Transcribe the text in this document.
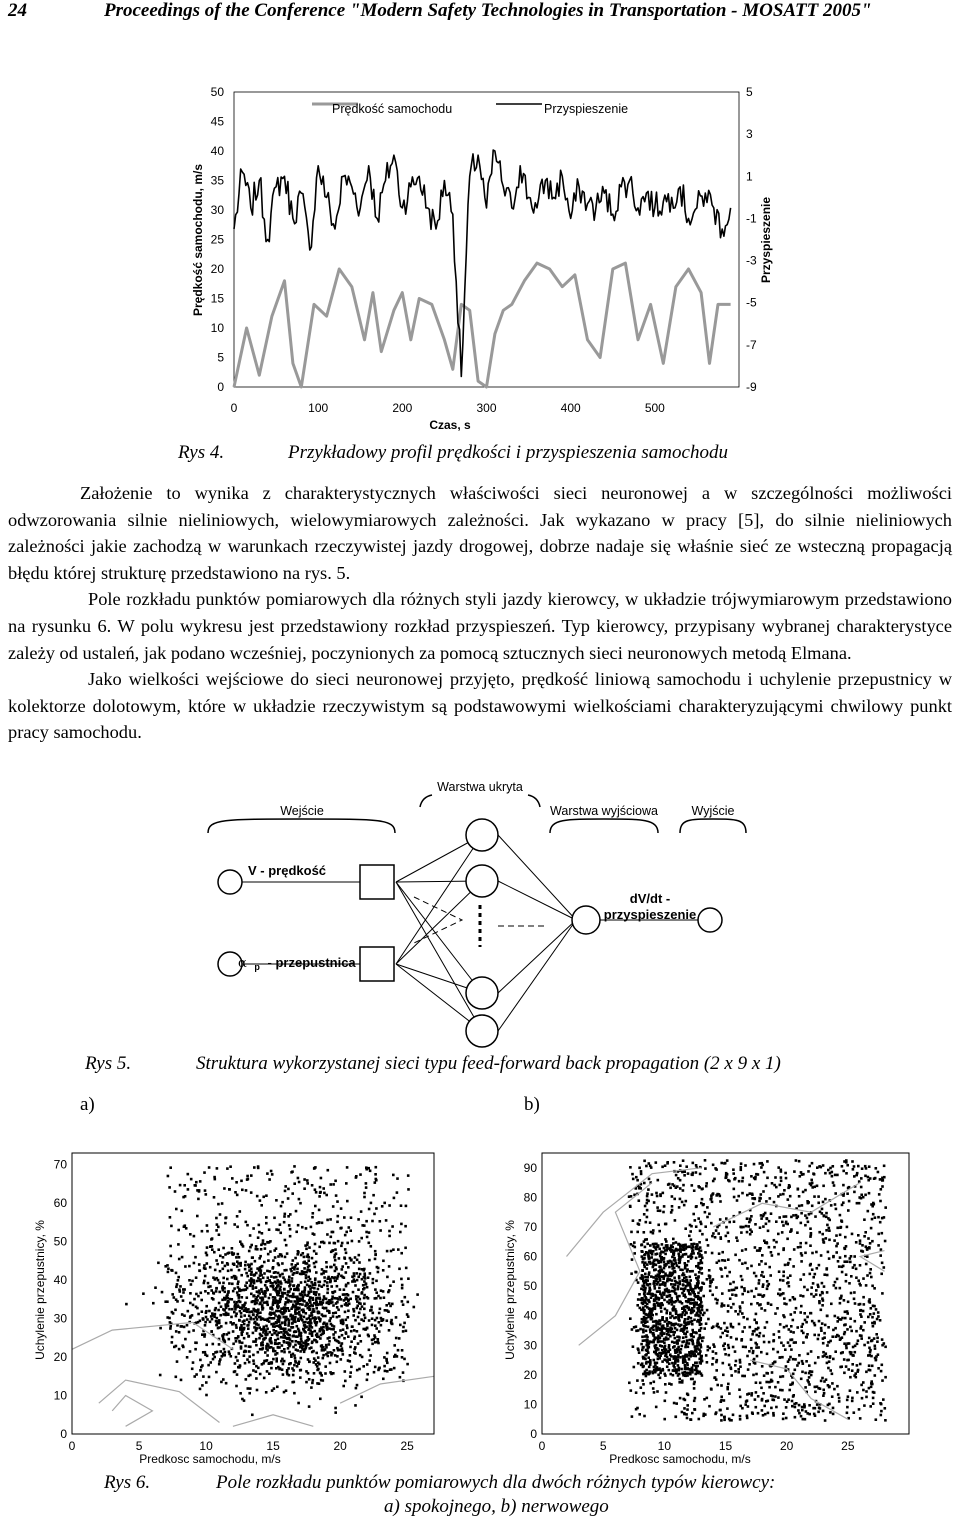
24	Proceedings of the Conference "Modern Safety Technologies in Transportation - MOSATT 2005"
0
5
10
15
20
25
30
35
40
45
50	5
3
1
-1
-3
-5
-7
-9
0	100	200	300	400	500
Prędkość samochodu, m/s	Przyspieszenie
Czas, s
Prędkość samochodu	Przyspieszenie
Rys 4.	Przykładowy profil prędkości i przyspieszenia samochodu

Założenie to wynika z charakterystycznych właściwości sieci neuronowej a w szczególności możliwości odwzorowania silnie nieliniowych, wielowymiarowych zależności. Jak wykazano w pracy [5], do silnie nieliniowych zależności jakie zachodzą w warunkach rzeczywistej jazdy drogowej, dobrze nadaje się właśnie sieć ze wsteczną propagacją błędu której strukturę przedstawiono na rys. 5.

Pole rozkładu punktów pomiarowych dla różnych styli jazdy kierowcy, w układzie trójwymiarowym przedstawiono na rysunku 6. W polu wykresu jest przedstawiony rozkład przyspieszeń. Typ kierowcy, przypisany wybranej charakterystyce zależy od ustaleń, jak podano wcześniej, poczynionych za pomocą sztucznych sieci neuronowych metodą Elmana.

Jako wielkości wejściowe do sieci neuronowej przyjęto, prędkość liniową samochodu i uchylenie przepustnicy w kolektorze dolotowym, które w układzie rzeczywistym są podstawowymi wielkościami charakteryzującymi chwilowy punkt pracy samochodu.

Warstwa ukryta
Wejście	Warstwa wyjściowa	Wyjście
V - prędkość
α $_p$ - przepustnica
dV/dt -
przyspieszenie
Rys 5.	Struktura wykorzystanej sieci typu feed-forward back propagation (2 x 9 x 1)
a)	b)
0
10
20
30
40
50
60
70
0	5	10	15	20	25
Uchylenie przepustnicy, %
Predkosc samochodu, m/s
0
10
20
30
40
50
60
70
80
90
0	5	10	15	20	25
Uchylenie przepustnicy, %
Predkosc samochodu, m/s
Rys 6.	Pole rozkładu punktów pomiarowych dla dwóch różnych typów kierowcy:
a) spokojnego, b) nerwowego
